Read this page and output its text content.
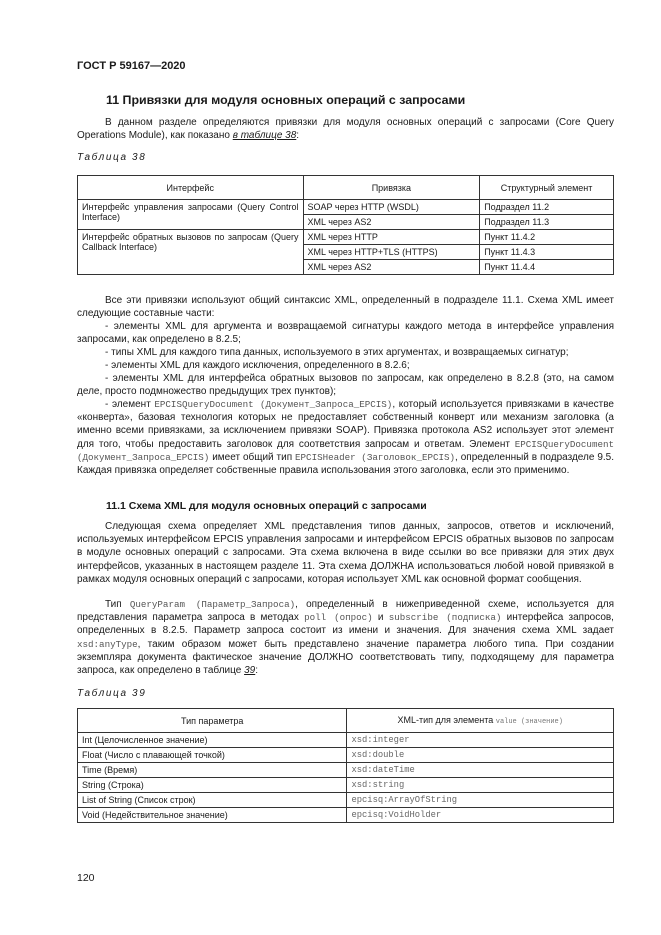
ГОСТ Р 59167—2020
11 Привязки для модуля основных операций с запросами
В данном разделе определяются привязки для модуля основных операций с запросами (Core Query Operations Module), как показано в таблице 38:
Таблица 38
Интерфейс	Привязка	Структурный элемент
Интерфейс управления запросами (Query Control Interface)	SOAP через HTTP (WSDL)	Подраздел 11.2
	XML через AS2	Подраздел 11.3
Интерфейс обратных вызовов по запросам (Query Callback Interface)	XML через HTTP	Пункт 11.4.2
	XML через HTTP+TLS (HTTPS)	Пункт 11.4.3
	XML через AS2	Пункт 11.4.4
Все эти привязки используют общий синтаксис XML, определенный в подразделе 11.1. Схема XML имеет следующие составные части:
- элементы XML для аргумента и возвращаемой сигнатуры каждого метода в интерфейсе управления запросами, как определено в 8.2.5;
- типы XML для каждого типа данных, используемого в этих аргументах, и возвращаемых сигнатур;
- элементы XML для каждого исключения, определенного в 8.2.6;
- элементы XML для интерфейса обратных вызовов по запросам, как определено в 8.2.8 (это, на самом деле, просто подмножество предыдущих трех пунктов);
- элемент EPCISQueryDocument (Документ_Запроса_EPCIS), который используется привязками в качестве «конверта», базовая технология которых не предоставляет собственный конверт или механизм заголовка (а именно всеми привязками, за исключением привязки SOAP). Привязка протокола AS2 использует этот элемент для того, чтобы предоставить заголовок для соответствия запросам и ответам. Элемент EPCISQueryDocument (Документ_Запроса_EPCIS) имеет общий тип EPCISHeader (Заголовок_EPCIS), определенный в подразделе 9.5. Каждая привязка определяет собственные правила использования этого заголовка, если это применимо.
11.1 Схема XML для модуля основных операций с запросами
Следующая схема определяет XML представления типов данных, запросов, ответов и исключений, используемых интерфейсом EPCIS управления запросами и интерфейсом EPCIS обратных вызовов по запросам в модуле основных операций с запросами. Эта схема включена в виде ссылки во все привязки для этих двух интерфейсов, указанных в настоящем разделе 11. Эта схема ДОЛЖНА использоваться любой новой привязкой в рамках модуля основных операций с запросами, которая использует XML как основной формат сообщения.
Тип QueryParam (Параметр_Запроса), определенный в нижеприведенной схеме, используется для представления параметра запроса в методах poll (опрос) и subscribe (подписка) интерфейса запросов, определенных в 8.2.5. Параметр запроса состоит из имени и значения. Для значения схема XML задает xsd:anyType, таким образом может быть представлено значение параметра любого типа. При создании экземпляра документа фактическое значение ДОЛЖНО соответствовать типу, подходящему для параметра запроса, как определено в таблице 39:
Таблица 39
Тип параметра	XML-тип для элемента value (значение)
Int (Целочисленное значение)	xsd:integer
Float (Число с плавающей точкой)	xsd:double
Time (Время)	xsd:dateTime
String (Строка)	xsd:string
List of String (Список строк)	epcisq:ArrayOfString
Void (Недействительное значение)	epcisq:VoidHolder
120
